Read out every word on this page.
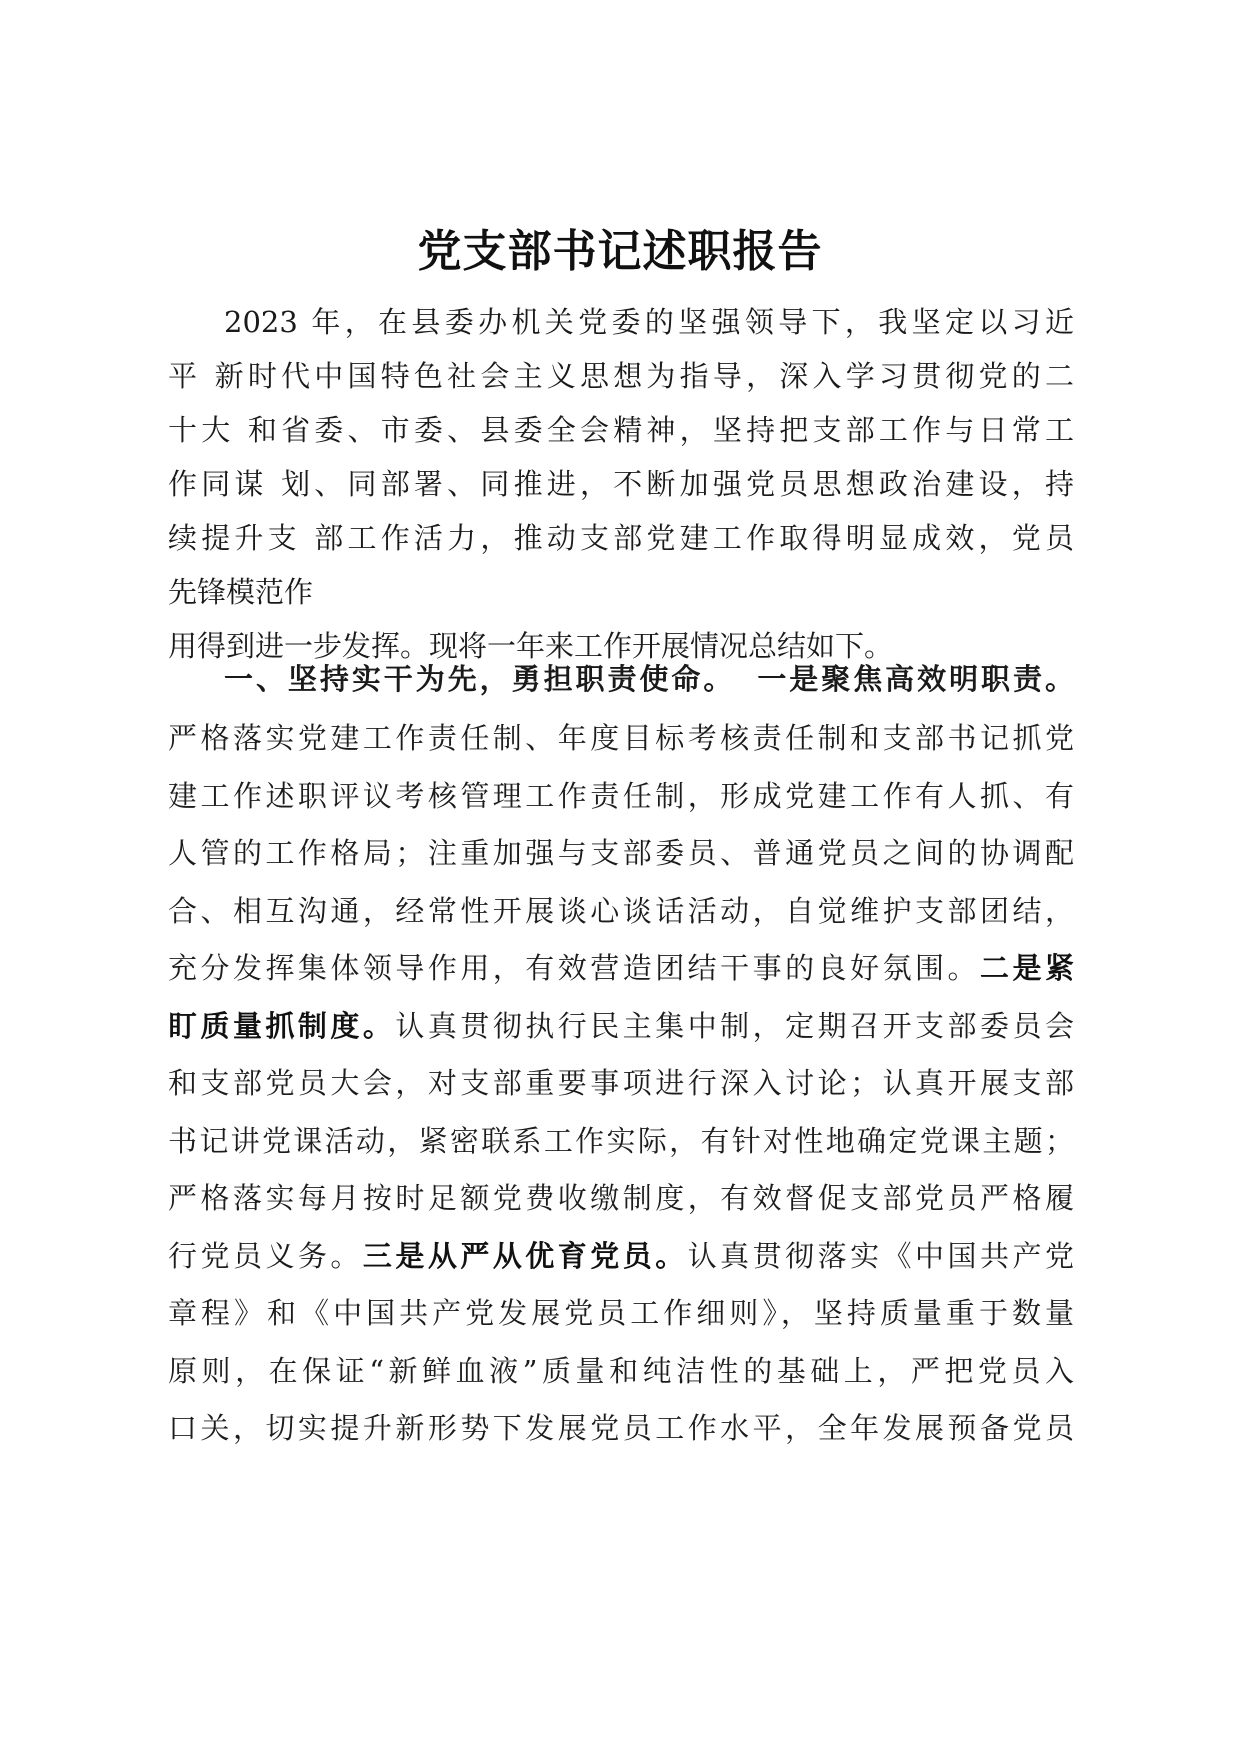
党支部书记述职报告
2023 年，在县委办机关党委的坚强领导下，我坚定以习近
平 新时代中国特色社会主义思想为指导，深入学习贯彻党的二
十大 和省委、市委、县委全会精神，坚持把支部工作与日常工
作同谋 划、同部署、同推进，不断加强党员思想政治建设，持
续提升支 部工作活力，推动支部党建工作取得明显成效，党员
先锋模范作
用得到进一步发挥。现将一年来工作开展情况总结如下。
一、坚持实干为先，勇担职责使命。 一是聚焦高效明职责。
严格落实党建工作责任制、年度目标考核责任制和支部书记抓党
建工作述职评议考核管理工作责任制，形成党建工作有人抓、有
人管的工作格局；注重加强与支部委员、普通党员之间的协调配
合、相互沟通，经常性开展谈心谈话活动，自觉维护支部团结，
充分发挥集体领导作用，有效营造团结干事的良好氛围。二是紧
盯质量抓制度。认真贯彻执行民主集中制，定期召开支部委员会
和支部党员大会，对支部重要事项进行深入讨论；认真开展支部
书记讲党课活动，紧密联系工作实际，有针对性地确定党课主题；
严格落实每月按时足额党费收缴制度，有效督促支部党员严格履
行党员义务。三是从严从优育党员。认真贯彻落实《中国共产党
章程》和《中国共产党发展党员工作细则》，坚持质量重于数量
原则，在保证“新鲜血液”质量和纯洁性的基础上，严把党员入
口关，切实提升新形势下发展党员工作水平，全年发展预备党员
